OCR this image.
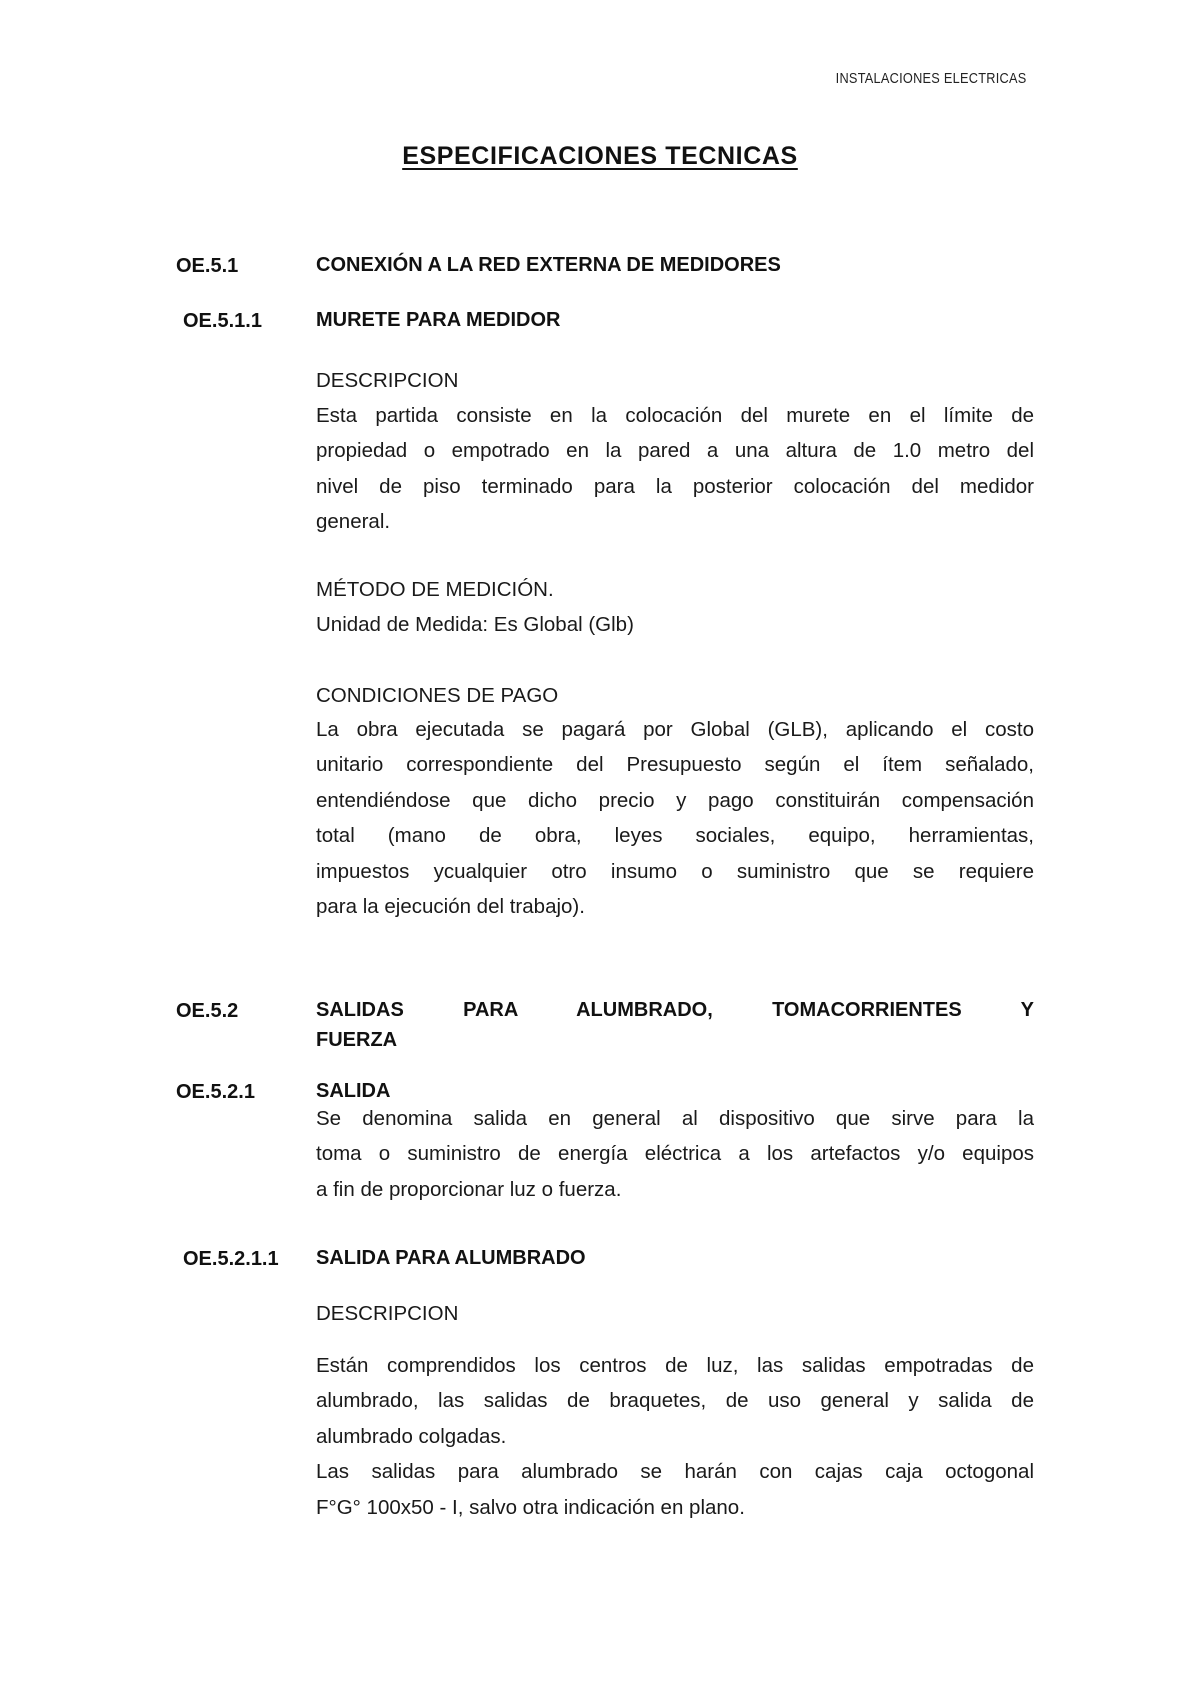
INSTALACIONES ELECTRICAS
ESPECIFICACIONES TECNICAS
OE.5.1	CONEXIÓN A LA RED EXTERNA DE MEDIDORES
OE.5.1.1	MURETE PARA MEDIDOR
DESCRIPCION
Esta partida consiste en la colocación del murete en el límite de
propiedad o empotrado en la pared a una altura de 1.0 metro del
nivel de piso terminado para la posterior colocación del medidor
general.
MÉTODO DE MEDICIÓN.
Unidad de Medida: Es Global (Glb)
CONDICIONES DE PAGO
La obra ejecutada se pagará por Global (GLB), aplicando el costo
unitario correspondiente del Presupuesto según el ítem señalado,
entendiéndose que dicho precio y pago constituirán compensación
total (mano de obra, leyes sociales, equipo, herramientas,
impuestos ycualquier otro insumo o suministro que se requiere
para la ejecución del trabajo).
OE.5.2	SALIDAS PARA ALUMBRADO, TOMACORRIENTES Y
FUERZA
OE.5.2.1	SALIDA
Se denomina salida en general al dispositivo que sirve para la
toma o suministro de energía eléctrica a los artefactos y/o equipos
a fin de proporcionar luz o fuerza.
OE.5.2.1.1 SALIDA PARA ALUMBRADO
DESCRIPCION
Están comprendidos los centros de luz, las salidas empotradas de
alumbrado, las salidas de braquetes, de uso general y salida de
alumbrado colgadas.
Las salidas para alumbrado se harán con cajas caja octogonal
F°G° 100x50 - I, salvo otra indicación en plano.
